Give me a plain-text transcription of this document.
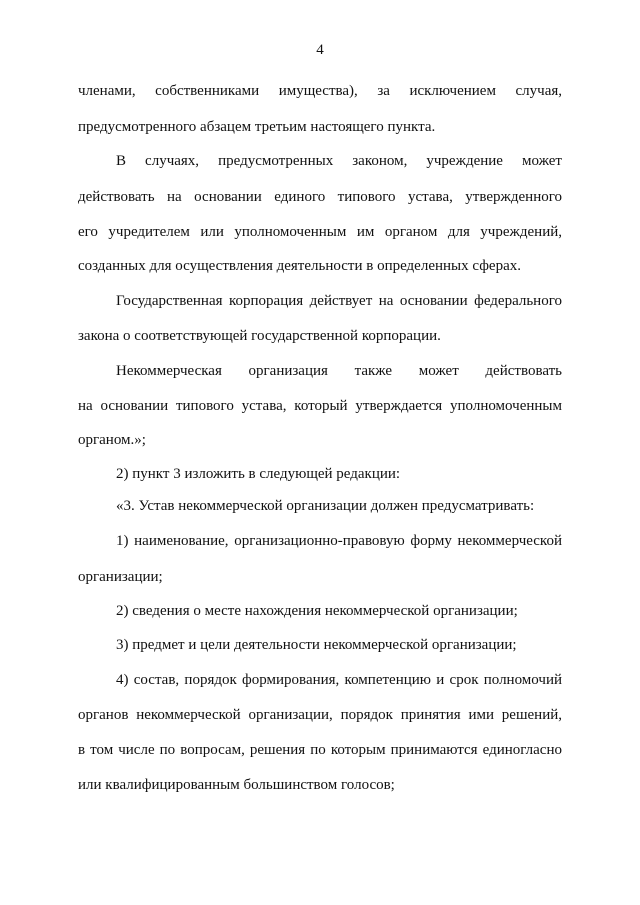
4
членами, собственниками имущества), за исключением случая,
предусмотренного абзацем третьим настоящего пункта.
В случаях, предусмотренных законом, учреждение может
действовать на основании единого типового устава, утвержденного
его учредителем или уполномоченным им органом для учреждений,
созданных для осуществления деятельности в определенных сферах.
Государственная корпорация действует на основании федерального
закона о соответствующей государственной корпорации.
Некоммерческая организация также может действовать
на основании типового устава, который утверждается уполномоченным
органом.»;
2) пункт 3 изложить в следующей редакции:
«3. Устав некоммерческой организации должен предусматривать:
1) наименование, организационно-правовую форму некоммерческой
организации;
2) сведения о месте нахождения некоммерческой организации;
3) предмет и цели деятельности некоммерческой организации;
4) состав, порядок формирования, компетенцию и срок полномочий
органов некоммерческой организации, порядок принятия ими решений,
в том числе по вопросам, решения по которым принимаются единогласно
или квалифицированным большинством голосов;
